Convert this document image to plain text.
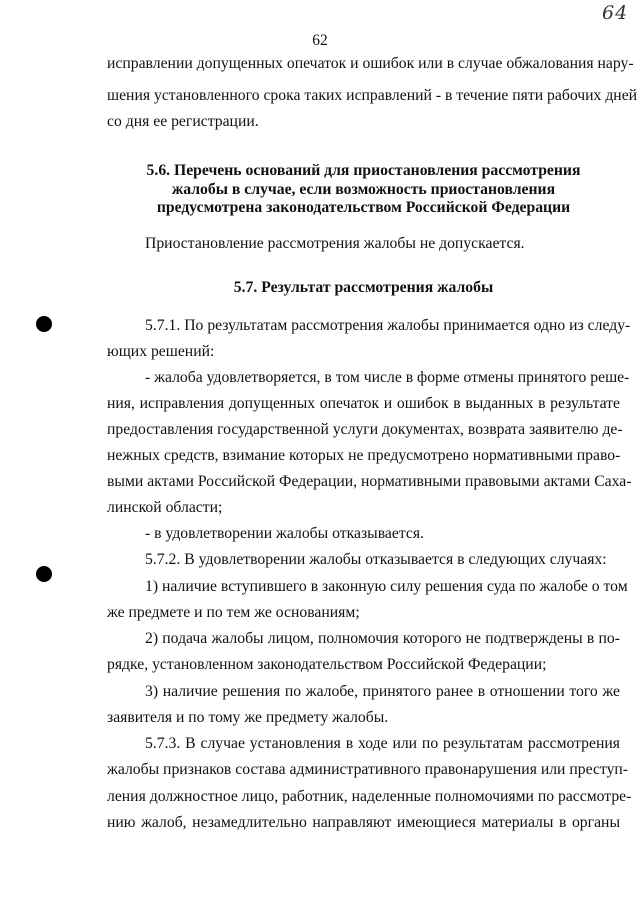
64
62
исправлении допущенных опечаток и ошибок или в случае обжалования нару-
шения установленного срока таких исправлений - в течение пяти рабочих дней
со дня ее регистрации.
5.6. Перечень оснований для приостановления рассмотрения
жалобы в случае, если возможность приостановления
предусмотрена законодательством Российской Федерации
Приостановление рассмотрения жалобы не допускается.
5.7. Результат рассмотрения жалобы
5.7.1. По результатам рассмотрения жалобы принимается одно из следу-
ющих решений:
- жалоба удовлетворяется, в том числе в форме отмены принятого реше-
ния, исправления допущенных опечаток и ошибок в выданных в результате
предоставления государственной услуги документах, возврата заявителю де-
нежных средств, взимание которых не предусмотрено нормативными право-
выми актами Российской Федерации, нормативными правовыми актами Саха-
линской области;
- в удовлетворении жалобы отказывается.
5.7.2. В удовлетворении жалобы отказывается в следующих случаях:
1) наличие вступившего в законную силу решения суда по жалобе о том
же предмете и по тем же основаниям;
2) подача жалобы лицом, полномочия которого не подтверждены в по-
рядке, установленном законодательством Российской Федерации;
3) наличие решения по жалобе, принятого ранее в отношении того же
заявителя и по тому же предмету жалобы.
5.7.3. В случае установления в ходе или по результатам рассмотрения
жалобы признаков состава административного правонарушения или преступ-
ления должностное лицо, работник, наделенные полномочиями по рассмотре-
нию жалоб, незамедлительно направляют имеющиеся материалы в органы
